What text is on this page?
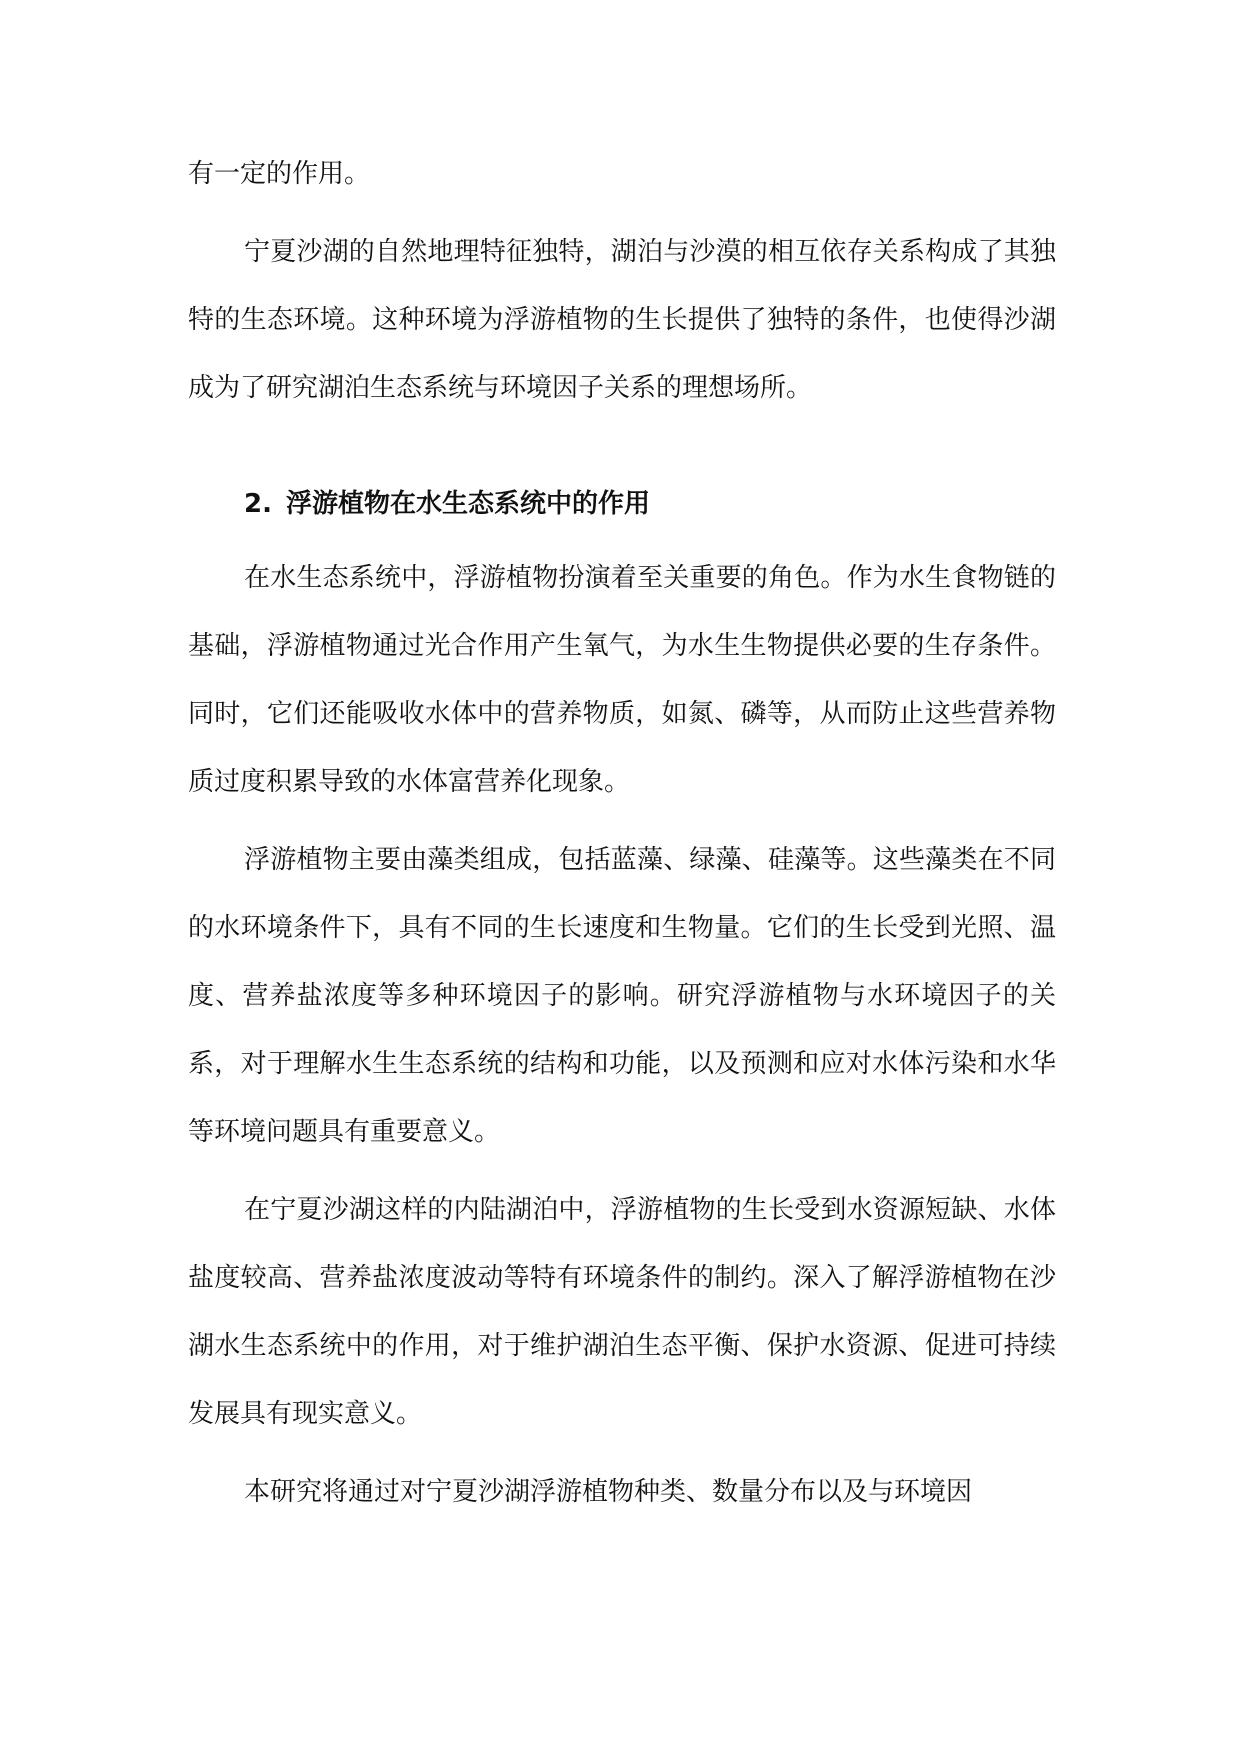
有一定的作用。

宁夏沙湖的自然地理特征独特，湖泊与沙漠的相互依存关系构成了其独特的生态环境。这种环境为浮游植物的生长提供了独特的条件，也使得沙湖成为了研究湖泊生态系统与环境因子关系的理想场所。

2. 浮游植物在水生态系统中的作用

在水生态系统中，浮游植物扮演着至关重要的角色。作为水生食物链的基础，浮游植物通过光合作用产生氧气，为水生生物提供必要的生存条件。同时，它们还能吸收水体中的营养物质，如氮、磷等，从而防止这些营养物质过度积累导致的水体富营养化现象。

浮游植物主要由藻类组成，包括蓝藻、绿藻、硅藻等。这些藻类在不同的水环境条件下，具有不同的生长速度和生物量。它们的生长受到光照、温度、营养盐浓度等多种环境因子的影响。研究浮游植物与水环境因子的关系，对于理解水生生态系统的结构和功能，以及预测和应对水体污染和水华等环境问题具有重要意义。

在宁夏沙湖这样的内陆湖泊中，浮游植物的生长受到水资源短缺、水体盐度较高、营养盐浓度波动等特有环境条件的制约。深入了解浮游植物在沙湖水生态系统中的作用，对于维护湖泊生态平衡、保护水资源、促进可持续发展具有现实意义。

本研究将通过对宁夏沙湖浮游植物种类、数量分布以及与环境因
